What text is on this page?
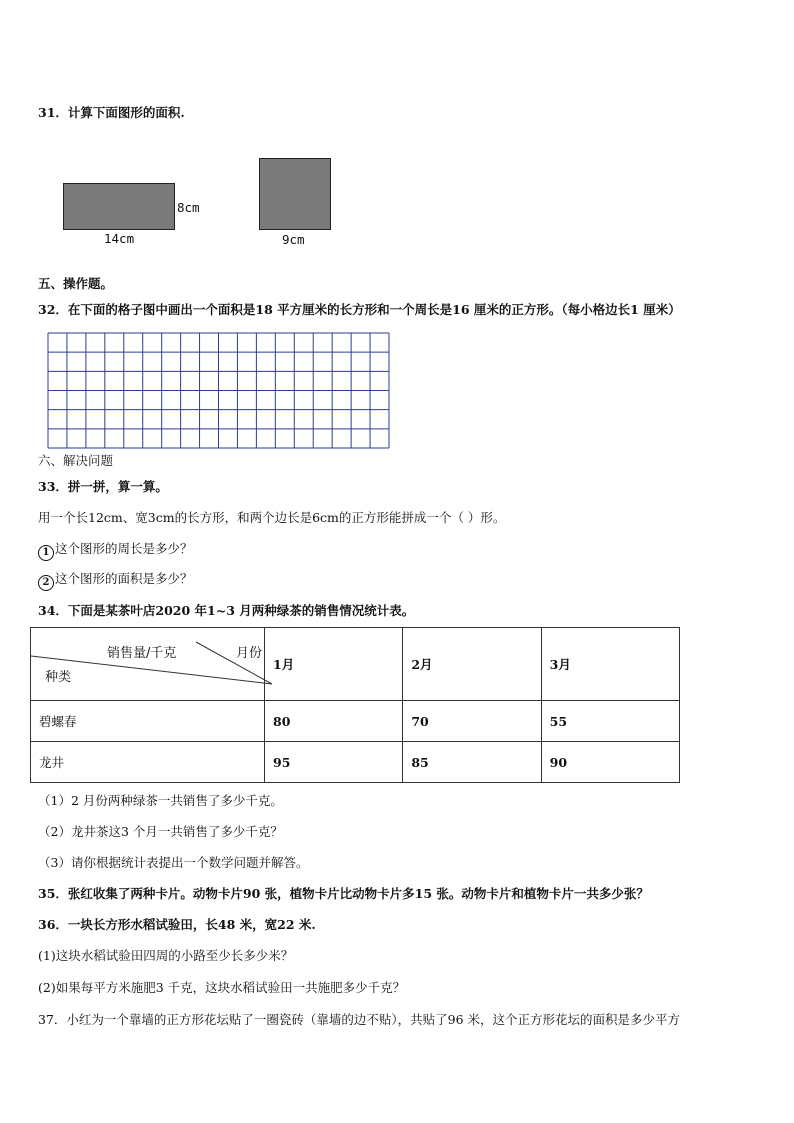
31．计算下面图形的面积.
8cm
14cm	9cm
五、操作题。
32．在下面的格子图中画出一个面积是18 平方厘米的长方形和一个周长是16 厘米的正方形。（每小格边长1 厘米）
六、解决问题
33．拼一拼，算一算。
用一个长12cm、宽3cm的长方形，和两个边长是6cm的正方形能拼成一个（ ）形。
1 这个图形的周长是多少？
2 这个图形的面积是多少？
34．下面是某茶叶店2020 年1~3 月两种绿茶的销售情况统计表。
销售量/千克 月份
种类	1月	2月	3月
碧螺春	80	70	55
龙井	95	85	90
（1）2 月份两种绿茶一共销售了多少千克。
（2）龙井茶这3 个月一共销售了多少千克？
（3）请你根据统计表提出一个数学问题并解答。
35．张红收集了两种卡片。动物卡片90 张，植物卡片比动物卡片多15 张。动物卡片和植物卡片一共多少张？
36．一块长方形水稻试验田，长48 米，宽22 米.
(1)这块水稻试验田四周的小路至少长多少米？
(2)如果每平方米施肥3 千克，这块水稻试验田一共施肥多少千克？
37．小红为一个靠墙的正方形花坛贴了一圈瓷砖（靠墙的边不贴），共贴了96 米，这个正方形花坛的面积是多少平方
